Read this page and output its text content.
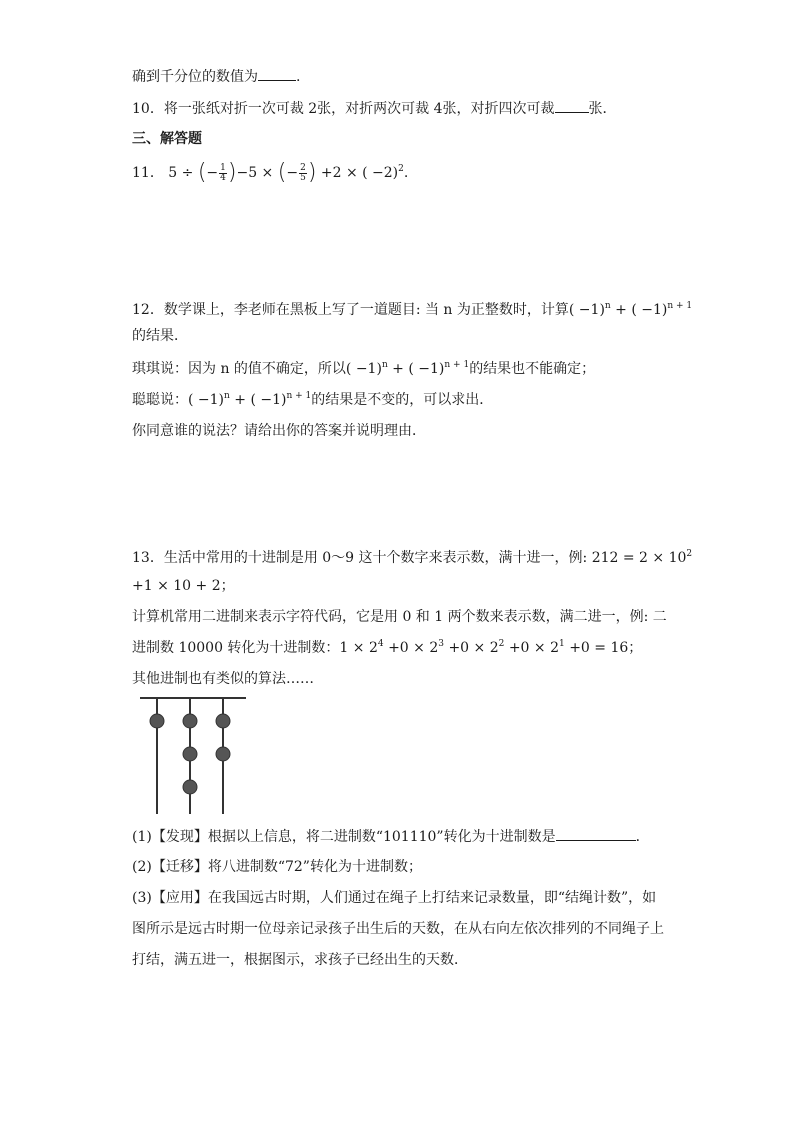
确到千分位的数值为	.
10．将一张纸对折一次可裁 2张，对折两次可裁 4张，对折四次可裁 张．
三、解答题
11． 5 ÷ (− $\frac{1}{4} )-5$ × (− $\frac{2}{5}$ ) +2 × ( −2)$^2$.
12．数学课上，李老师在黑板上写了一道题目: 当 n 为正整数时，计算( −1)$^n$ + ( −1)$^{n + 1}$
的结果．
琪琪说：因为 n 的值不确定，所以( −1)$^n$ + ( −1)$^{n + 1}$的结果也不能确定；
聪聪说：( −1)$^n$ + ( −1)$^{n + 1}$的结果是不变的，可以求出．
你同意谁的说法？请给出你的答案并说明理由．
13．生活中常用的十进制是用 0～9 这十个数字来表示数，满十进一，例: $212 = 2 \times 10^2$
+1 × 10 + 2；
计算机常用二进制来表示字符代码，它是用 0 和 1 两个数来表示数，满二进一，例: 二
进制数 10000 转化为十进制数：$1 \times 2^4 +0 \times 2^3 +0 \times 2^2 +0 \times 2^1 +0 = 16$；
其他进制也有类似的算法……
(1)【发现】根据以上信息，将二进制数“101110”转化为十进制数是	．
(2)【迁移】将八进制数“72”转化为十进制数；
(3)【应用】在我国远古时期，人们通过在绳子上打结来记录数量，即“结绳计数”，如
图所示是远古时期一位母亲记录孩子出生后的天数，在从右向左依次排列的不同绳子上
打结，满五进一，根据图示，求孩子已经出生的天数．
